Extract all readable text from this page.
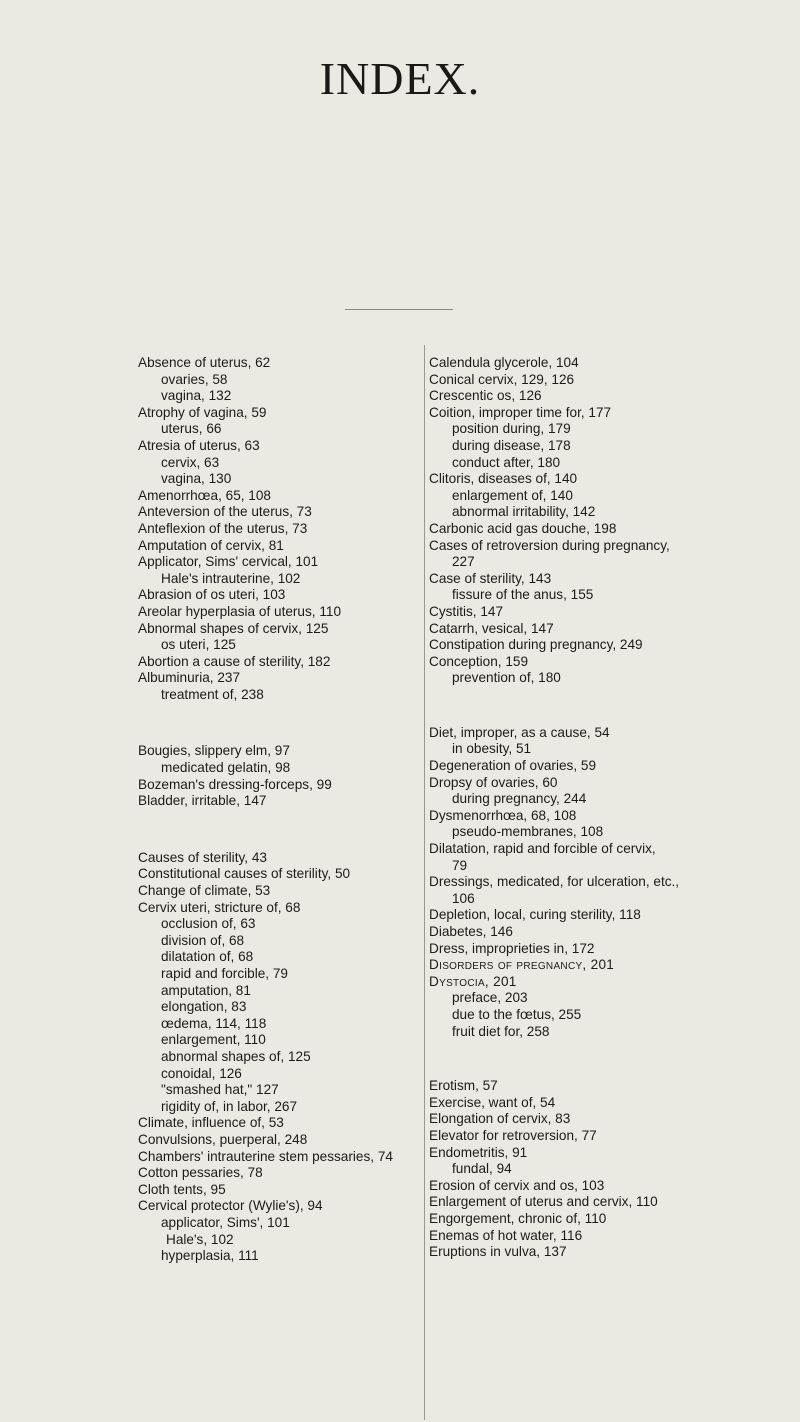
INDEX.
Absence of uterus, 62
ovaries, 58
vagina, 132
Atrophy of vagina, 59
uterus, 66
Atresia of uterus, 63
cervix, 63
vagina, 130
Amenorrhœa, 65, 108
Anteversion of the uterus, 73
Anteflexion of the uterus, 73
Amputation of cervix, 81
Applicator, Sims' cervical, 101
Hale's intrauterine, 102
Abrasion of os uteri, 103
Areolar hyperplasia of uterus, 110
Abnormal shapes of cervix, 125
os uteri, 125
Abortion a cause of sterility, 182
Albuminuria, 237
treatment of, 238
Bougies, slippery elm, 97
medicated gelatin, 98
Bozeman's dressing-forceps, 99
Bladder, irritable, 147
Causes of sterility, 43
Constitutional causes of sterility, 50
Change of climate, 53
Cervix uteri, stricture of, 68
occlusion of, 63
division of, 68
dilatation of, 68
rapid and forcible, 79
amputation, 81
elongation, 83
œdema, 114, 118
enlargement, 110
abnormal shapes of, 125
conoidal, 126
"smashed hat," 127
rigidity of, in labor, 267
Climate, influence of, 53
Convulsions, puerperal, 248
Chambers' intrauterine stem pessaries, 74
Cotton pessaries, 78
Cloth tents, 95
Cervical protector (Wylie's), 94
applicator, Sims', 101
Hale's, 102
hyperplasia, 111
Calendula glycerole, 104
Conical cervix, 129, 126
Crescentic os, 126
Coition, improper time for, 177
position during, 179
during disease, 178
conduct after, 180
Clitoris, diseases of, 140
enlargement of, 140
abnormal irritability, 142
Carbonic acid gas douche, 198
Cases of retroversion during pregnancy,
227
Case of sterility, 143
fissure of the anus, 155
Cystitis, 147
Catarrh, vesical, 147
Constipation during pregnancy, 249
Conception, 159
prevention of, 180
Diet, improper, as a cause, 54
in obesity, 51
Degeneration of ovaries, 59
Dropsy of ovaries, 60
during pregnancy, 244
Dysmenorrhœa, 68, 108
pseudo-membranes, 108
Dilatation, rapid and forcible of cervix,
79
Dressings, medicated, for ulceration, etc.,
106
Depletion, local, curing sterility, 118
Diabetes, 146
Dress, improprieties in, 172
Disorders of pregnancy, 201
Dystocia, 201
preface, 203
due to the fœtus, 255
fruit diet for, 258
Erotism, 57
Exercise, want of, 54
Elongation of cervix, 83
Elevator for retroversion, 77
Endometritis, 91
fundal, 94
Erosion of cervix and os, 103
Enlargement of uterus and cervix, 110
Engorgement, chronic of, 110
Enemas of hot water, 116
Eruptions in vulva, 137
